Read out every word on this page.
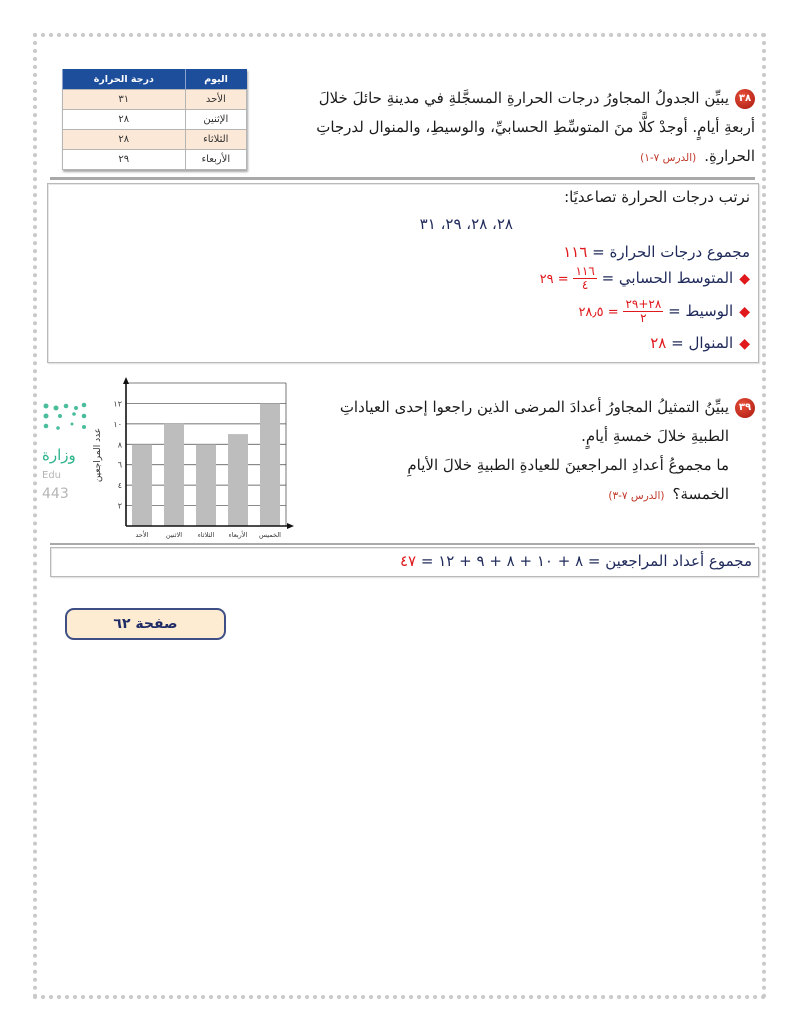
اليوم	درجة الحرارة
الأحد	٣١
الإثنين	٢٨
الثلاثاء	٢٨
الأربعاء	٢٩
٣٨يبيِّن الجدولُ المجاورُ درجات الحرارةِ المسجَّلةِ في مدينةِ حائلَ خلالَ
أربعةِ أيامٍ. أوجدْ كلًّا منَ المتوسِّطِ الحسابيِّ، والوسيطِ، والمنوال لدرجاتِ
الحرارةِ.(الدرس ٧-١)
نرتب درجات الحرارة تصاعديًا:
٢٨، ٢٨، ٢٩، ٣١
مجموع درجات الحرارة = ١١٦
◆المتوسط الحسابي =
$\frac{١١٦}{٤}$
= ٢٩
◆الوسيط =
$\frac{٢٨+٢٩}{٢}$
= ٢٨٫٥
◆المنوال = ٢٨
٢
٤
٦
٨
١٠
١٢
الأحد	الاثنين الثلاثاء الأربعاء الخميس
عدد المراجعين
وزارة
Edu
443
٣٩يبيِّنُ التمثيلُ المجاورُ أعدادَ المرضى الذين راجعوا إحدى العياداتِ
الطبيةِ خلالَ خمسةِ أيامٍ.
ما مجموعُ أعدادِ المراجعينَ للعيادةِ الطبيةِ خلالَ الأيامِ
الخمسة؟(الدرس ٧-٣)
مجموع أعداد المراجعين = ٨ + ١٠ + ٨ + ٩ + ١٢ = ٤٧
صفحة ٦٢
